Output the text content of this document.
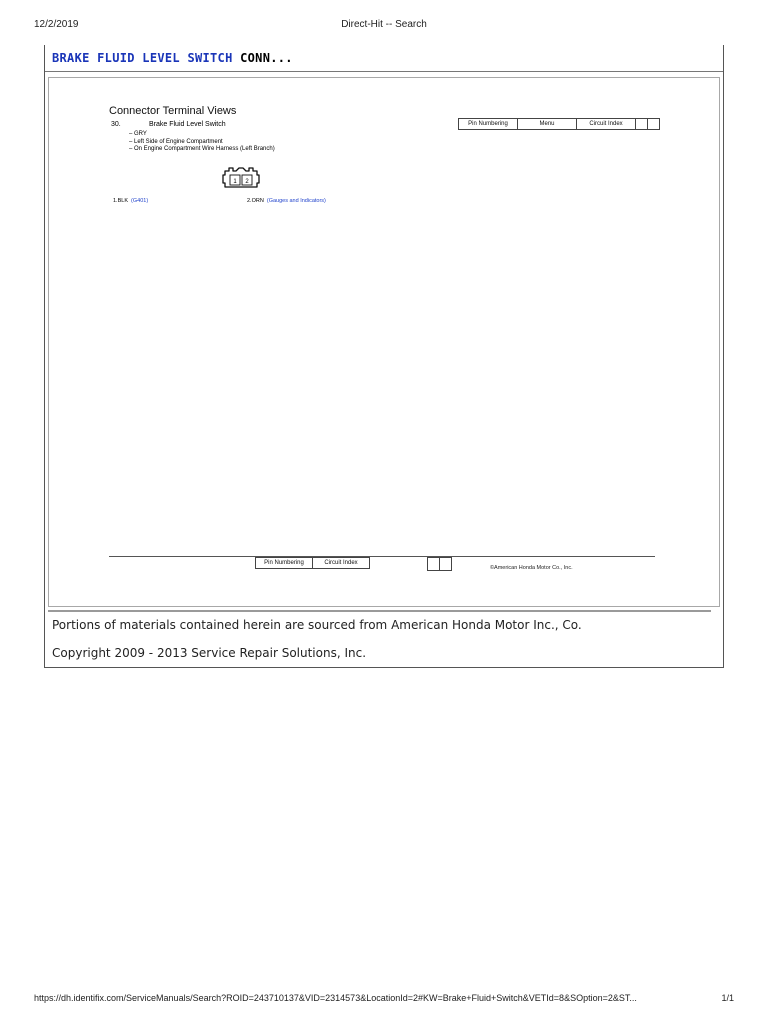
12/2/2019	Direct-Hit -- Search
BRAKE FLUID LEVEL SWITCH CONN...
Connector Terminal Views
Pin Numbering	Menu	Circuit Index
30.	Brake Fluid Level Switch
– GRY
– Left Side of Engine Compartment
– On Engine Compartment Wire Harness (Left Branch)
1 2
1.BLK (G401)	2.ORN (Gauges and Indicators)
Pin Numbering	Circuit Index
©American Honda Motor Co., Inc.
Portions of materials contained herein are sourced from American Honda Motor Inc., Co.
Copyright 2009 - 2013 Service Repair Solutions, Inc.
https://dh.identifix.com/ServiceManuals/Search?ROID=243710137&VID=2314573&LocationId=2#KW=Brake+Fluid+Switch&VETId=8&SOption=2&ST...	1/1
